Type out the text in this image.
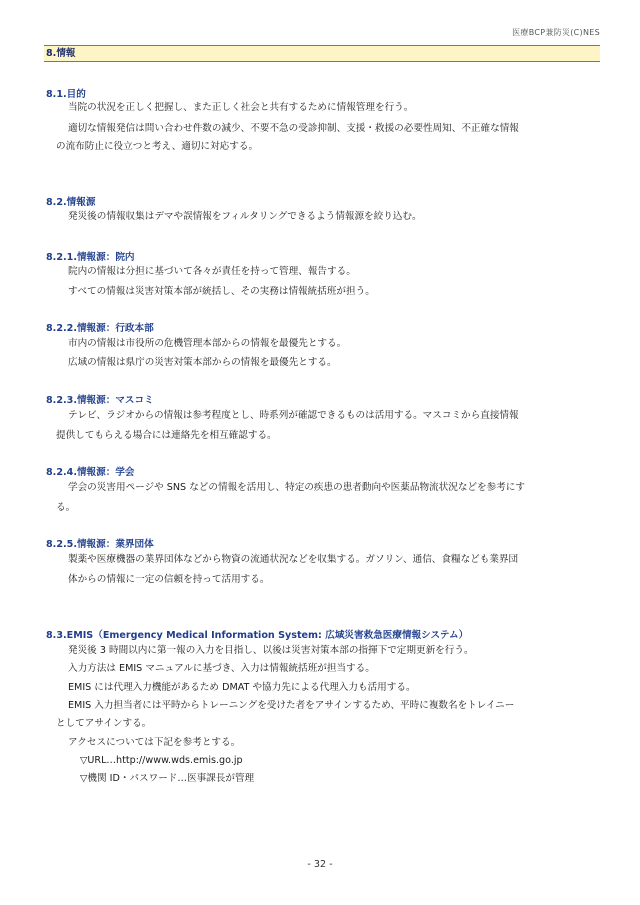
医療BCP兼防災(C)NES
8.情報
8.1.目的
当院の状況を正しく把握し、また正しく社会と共有するために情報管理を行う。
適切な情報発信は問い合わせ件数の減少、不要不急の受診抑制、支援・救援の必要性周知、不正確な情報
の流布防止に役立つと考え、適切に対応する。
8.2.情報源
発災後の情報収集はデマや誤情報をフィルタリングできるよう情報源を絞り込む。
8.2.1.情報源：院内
院内の情報は分担に基づいて各々が責任を持って管理、報告する。
すべての情報は災害対策本部が統括し、その実務は情報統括班が担う。
8.2.2.情報源：行政本部
市内の情報は市役所の危機管理本部からの情報を最優先とする。
広域の情報は県庁の災害対策本部からの情報を最優先とする。
8.2.3.情報源：マスコミ
テレビ、ラジオからの情報は参考程度とし、時系列が確認できるものは活用する。マスコミから直接情報
提供してもらえる場合には連絡先を相互確認する。
8.2.4.情報源：学会
学会の災害用ページや SNS などの情報を活用し、特定の疾患の患者動向や医薬品物流状況などを参考にす
る。
8.2.5.情報源：業界団体
製薬や医療機器の業界団体などから物資の流通状況などを収集する。ガソリン、通信、食糧なども業界団
体からの情報に一定の信頼を持って活用する。
8.3.EMIS（Emergency Medical Information System: 広域災害救急医療情報システム）
発災後 3 時間以内に第一報の入力を目指し、以後は災害対策本部の指揮下で定期更新を行う。
入力方法は EMIS マニュアルに基づき、入力は情報統括班が担当する。
EMIS には代理入力機能があるため DMAT や協力先による代理入力も活用する。
EMIS 入力担当者には平時からトレーニングを受けた者をアサインするため、平時に複数名をトレイニー
としてアサインする。
アクセスについては下記を参考とする。
▽URL…http://www.wds.emis.go.jp
▽機関 ID・パスワード…医事課長が管理
- 32 -
